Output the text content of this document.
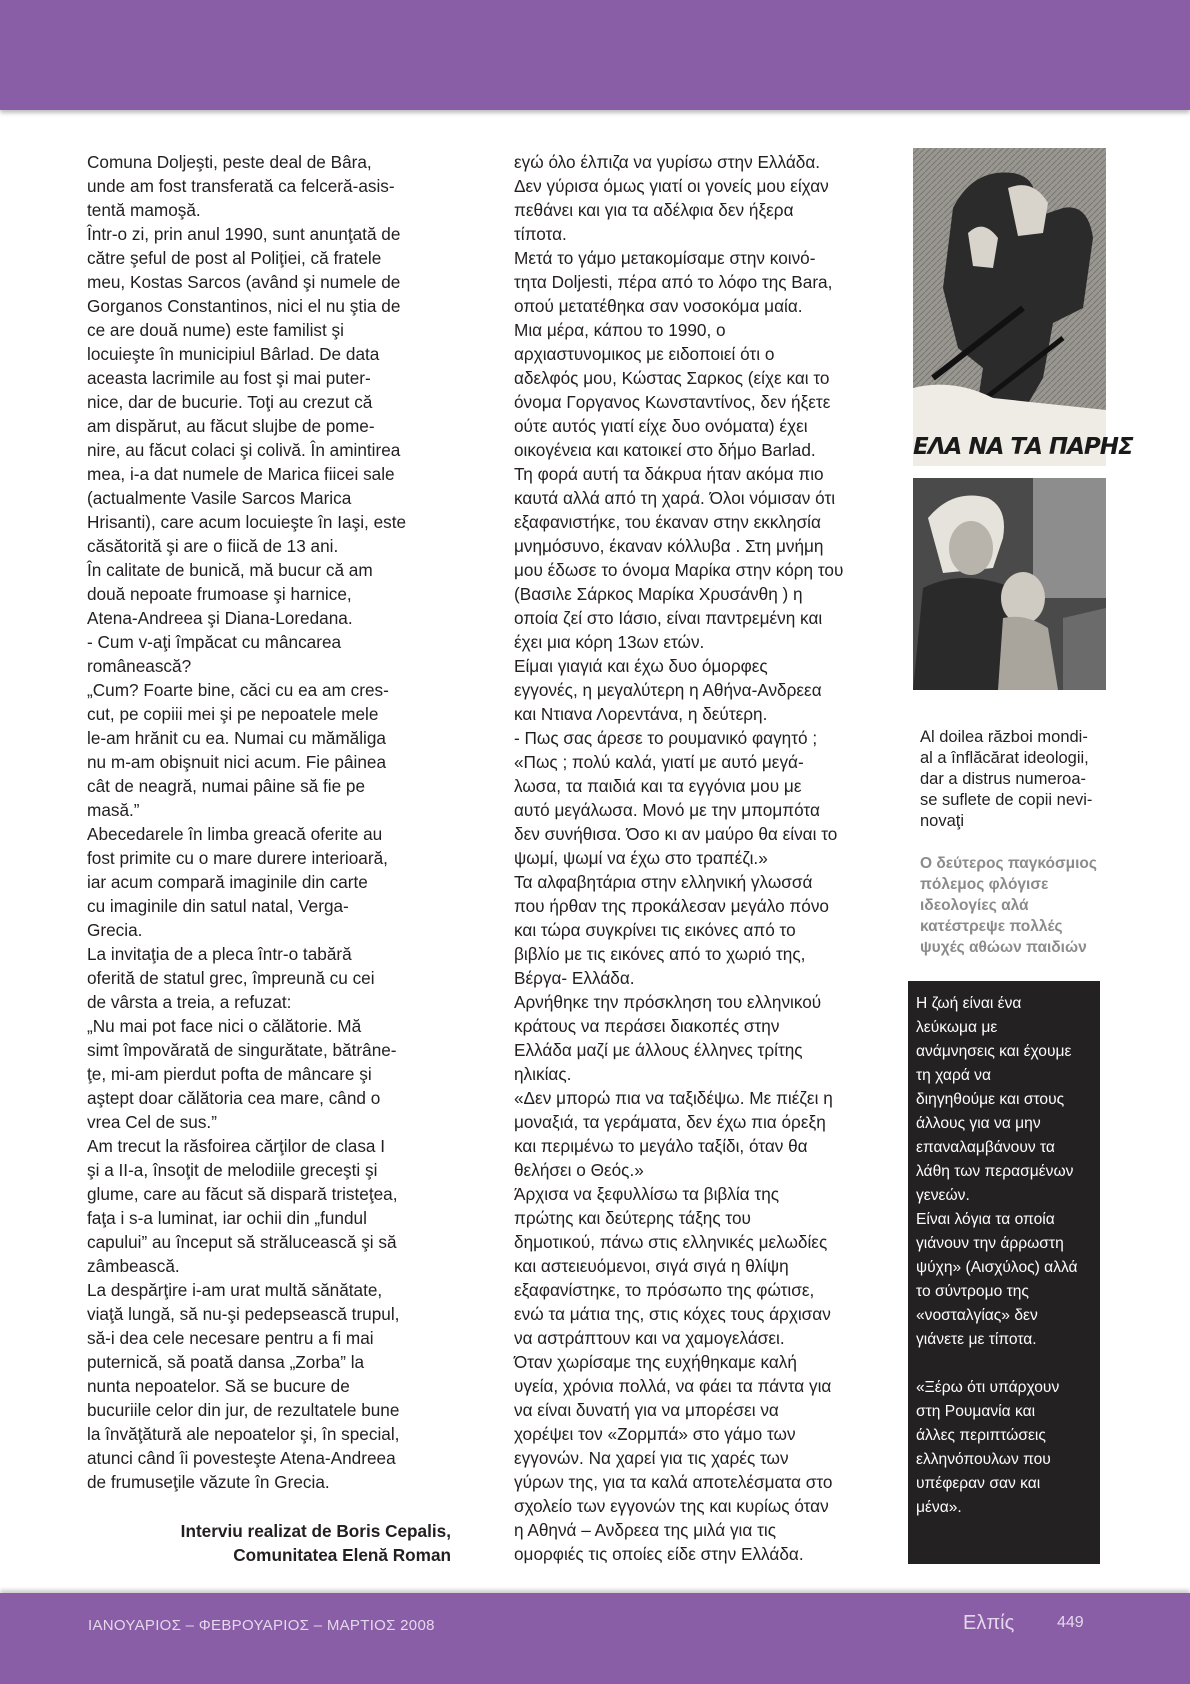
Comuna Doljeşti, peste deal de Bâra,
unde am fost transferată ca felceră-asis-
tentă mamoşă.

Într-o zi, prin anul 1990, sunt anunţată de
către şeful de post al Poliţiei, că fratele
meu, Kostas Sarcos (având şi numele de
Gorganos Constantinos, nici el nu ştia de
ce are două nume) este familist şi
locuieşte în municipiul Bârlad. De data
aceasta lacrimile au fost şi mai puter-
nice, dar de bucurie. Toţi au crezut că
am dispărut, au făcut slujbe de pome-
nire, au făcut colaci şi colivă. În amintirea
mea, i-a dat numele de Marica fiicei sale
(actualmente Vasile Sarcos Marica
Hrisanti), care acum locuieşte în Iaşi, este
căsătorită şi are o fiică de 13 ani.

În calitate de bunică, mă bucur că am
două nepoate frumoase şi harnice,
Atena-Andreea şi Diana-Loredana.

- Cum v-aţi împăcat cu mâncarea
românească?

„Cum? Foarte bine, căci cu ea am cres-
cut, pe copiii mei şi pe nepoatele mele
le-am hrănit cu ea. Numai cu mămăliga
nu m-am obişnuit nici acum. Fie pâinea
cât de neagră, numai pâine să fie pe
masă.”

Abecedarele în limba greacă oferite au
fost primite cu o mare durere interioară,
iar acum compară imaginile din carte
cu imaginile din satul natal, Verga-
Grecia.

La invitaţia de a pleca într-o tabără
oferită de statul grec, împreună cu cei
de vârsta a treia, a refuzat:

„Nu mai pot face nici o călătorie. Mă
simt împovărată de singurătate, bătrâne-
ţe, mi-am pierdut pofta de mâncare şi
aştept doar călătoria cea mare, când o
vrea Cel de sus.”

Am trecut la răsfoirea cărţilor de clasa I
şi a II-a, însoţit de melodiile greceşti şi
glume, care au făcut să dispară tristeţea,
faţa i s-a luminat, iar ochii din „fundul
capului” au început să strălucească şi să
zâmbească.

La despărţire i-am urat multă sănătate,
viaţă lungă, să nu-şi pedepsească trupul,
să-i dea cele necesare pentru a fi mai
puternică, să poată dansa „Zorba” la
nunta nepoatelor. Să se bucure de
bucuriile celor din jur, de rezultatele bune
la învăţătură ale nepoatelor şi, în special,
atunci când îi povesteşte Atena-Andreea
de frumuseţile văzute în Grecia.

Interviu realizat de Boris Cepalis,
Comunitatea Elenă Roman

εγώ όλο έλπιζα να γυρίσω στην Ελλάδα.
Δεν γύρισα όμως γιατί οι γονείς μου είχαν
πεθάνει και για τα αδέλφια δεν ήξερα
τίποτα.

Μετά το γάμο μετακομίσαμε στην κοινό-
τητα Doljesti, πέρα από το λόφο της Bara,
οπού μετατέθηκα σαν νοσοκόμα μαία.

Μια μέρα, κάπου το 1990, ο
αρχιαστυνομικος με ειδοποιεί ότι ο
αδελφός μου, Κώστας Σαρκος (είχε και το
όνομα Γοργανος Κωνσταντίνος, δεν ήξετε
ούτε αυτός γιατί είχε δυο ονόματα) έχει
οικογένεια και κατοικεί στο δήμο Barlad.
Τη φορά αυτή τα δάκρυα ήταν ακόμα πιο
καυτά αλλά από τη χαρά. Όλοι νόμισαν ότι
εξαφανιστήκε, του έκαναν στην εκκλησία
μνημόσυνο, έκαναν κόλλυβα . Στη μνήμη
μου έδωσε το όνομα Μαρίκα στην κόρη του
(Βασιλε Σάρκος Μαρίκα Χρυσάνθη ) η
οποία ζεί στο Ιάσιο, είναι παντρεμένη και
έχει μια κόρη 13ων ετών.

Είμαι γιαγιά και έχω δυο όμορφες
εγγονές, η μεγαλύτερη η Αθήνα-Ανδρεεα
και Ντιανα Λορεντάνα, η δεύτερη.

- Πως σας άρεσε το ρουμανικό φαγητό ;

«Πως ; πολύ καλά, γιατί με αυτό μεγά-
λωσα, τα παιδιά και τα εγγόνια μου με
αυτό μεγάλωσα. Μονό με την μπομπότα
δεν συνήθισα. Όσο κι αν μαύρο θα είναι το
ψωμί, ψωμί να έχω στο τραπέζι.»

Τα αλφαβητάρια στην ελληνική γλωσσά
που ήρθαν της προκάλεσαν μεγάλο πόνο
και τώρα συγκρίνει τις εικόνες από το
βιβλίο με τις εικόνες από το χωριό της,
Βέργα- Ελλάδα.

Αρνήθηκε την πρόσκληση του ελληνικού
κράτους να περάσει διακοπές στην
Ελλάδα μαζί με άλλους έλληνες τρίτης
ηλικίας.

«Δεν μπορώ πια να ταξιδέψω. Με πιέζει η
μοναξιά, τα γεράματα, δεν έχω πια όρεξη
και περιμένω το μεγάλο ταξίδι, όταν θα
θελήσει ο Θεός.»

Άρχισα να ξεφυλλίσω τα βιβλία της
πρώτης και δεύτερης τάξης του
δημοτικού, πάνω στις ελληνικές μελωδίες
και αστειευόμενοι, σιγά σιγά η θλίψη
εξαφανίστηκε, το πρόσωπο της φώτισε,
ενώ τα μάτια της, στις κόχες τους άρχισαν
να αστράπτουν και να χαμογελάσει.

Όταν χωρίσαμε της ευχήθηκαμε καλή
υγεία, χρόνια πολλά, να φάει τα πάντα για
να είναι δυνατή για να μπορέσει να
χορέψει τον «Ζορμπά» στο γάμο των
εγγονών. Να χαρεί για τις χαρές των
γύρων της, για τα καλά αποτελέσματα στο
σχολείο των εγγονών της και κυρίως όταν
η Αθηνά – Ανδρεεα της μιλά για τις
ομορφιές τις οποίες είδε στην Ελλάδα.

ΕΛΑ ΝΑ ΤΑ ΠΑΡΗΣ
Al doilea război mondi-
al a înflăcărat ideologii,
dar a distrus numeroa-
se suflete de copii nevi-
novaţi
Ο δεύτερος παγκόσμιος
πόλεμος φλόγισε
ιδεολογίες αλά
κατέστρεψε πολλές
ψυχές αθώων παιδιών

Η ζωή είναι ένα
λεύκωμα με
ανάμνησεις και έχουμε
τη χαρά να
διηγηθούμε και στους
άλλους για να μην
επαναλαμβάνουν τα
λάθη των περασμένων
γενεών.
Είναι λόγια τα οποία
γιάνουν την άρρωστη
ψύχη» (Αισχύλος) αλλά
το σύντρομο της
«νοσταλγίας» δεν
γιάνετε με τίποτα.

«Ξέρω ότι υπάρχουν
στη Ρουμανία και
άλλες περιπτώσεις
ελληνόπουλων που
υπέφεραν σαν και
μένα».

ΙΑΝΟΥΑΡΙΟΣ – ΦΕΒΡΟΥΑΡΙΟΣ – ΜΑΡΤΙΟΣ 2008	Ελπίς	449
